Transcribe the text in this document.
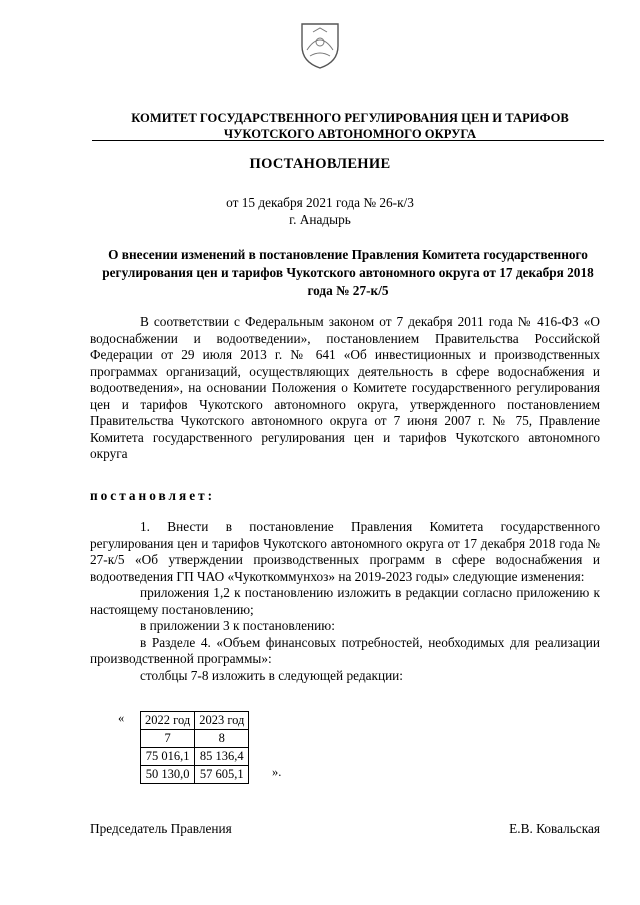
КОМИТЕТ ГОСУДАРСТВЕННОГО РЕГУЛИРОВАНИЯ ЦЕН И ТАРИФОВ
ЧУКОТСКОГО АВТОНОМНОГО ОКРУГА
ПОСТАНОВЛЕНИЕ
от 15 декабря 2021 года № 26-к/3
г. Анадырь
О внесении изменений в постановление Правления Комитета государственного регулирования цен и тарифов Чукотского автономного округа от 17 декабря 2018 года № 27-к/5
В соответствии с Федеральным законом от 7 декабря 2011 года № 416-ФЗ «О водоснабжении и водоотведении», постановлением Правительства Российской Федерации от 29 июля 2013 г. № 641 «Об инвестиционных и производственных программах организаций, осуществляющих деятельность в сфере водоснабжения и водоотведения», на основании Положения о Комитете государственного регулирования цен и тарифов Чукотского автономного округа, утвержденного постановлением Правительства Чукотского автономного округа от 7 июня 2007 г. № 75, Правление Комитета государственного регулирования цен и тарифов Чукотского автономного округа
постановляет:

1. Внести в постановление Правления Комитета государственного регулирования цен и тарифов Чукотского автономного округа от 17 декабря 2018 года № 27-к/5 «Об утверждении производственных программ в сфере водоснабжения и водоотведения ГП ЧАО «Чукоткоммунхоз» на 2019-2023 годы» следующие изменения:

приложения 1,2 к постановлению изложить в редакции согласно приложению к настоящему постановлению;

в приложении 3 к постановлению:

в Разделе 4. «Объем финансовых потребностей, необходимых для реализации производственной программы»:

столбцы 7-8 изложить в следующей редакции:

« 2022 год	2023 год
7	8
75 016,1	85 136,4
50 130,0	57 605,1 ».
Председатель Правления	Е.В. Ковальская
